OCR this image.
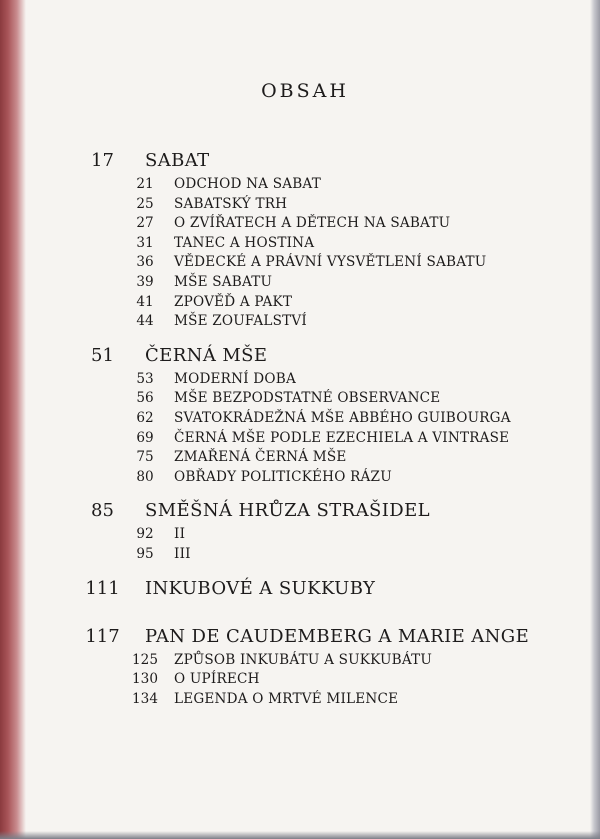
OBSAH
17	SABAT
21	ODCHOD NA SABAT
25	SABATSKÝ TRH
27	O ZVÍŘATECH A DĚTECH NA SABATU
31	TANEC A HOSTINA
36	VĚDECKÉ A PRÁVNÍ VYSVĚTLENÍ SABATU
39	MŠE SABATU
41	ZPOVĚĎ A PAKT
44	MŠE ZOUFALSTVÍ
51	ČERNÁ MŠE
53	MODERNÍ DOBA
56	MŠE BEZPODSTATNÉ OBSERVANCE
62	SVATOKRÁDEŽNÁ MŠE ABBÉHO GUIBOURGA
69	ČERNÁ MŠE PODLE EZECHIELA A VINTRASE
75	ZMAŘENÁ ČERNÁ MŠE
80	OBŘADY POLITICKÉHO RÁZU
85	SMĚŠNÁ HRŮZA STRAŠIDEL
92	II
95	III
111	INKUBOVÉ A SUKKUBY
117	PAN DE CAUDEMBERG A MARIE ANGE
125	ZPŮSOB INKUBÁTU A SUKKUBÁTU
130	O UPÍRECH
134	LEGENDA O MRTVÉ MILENCE
